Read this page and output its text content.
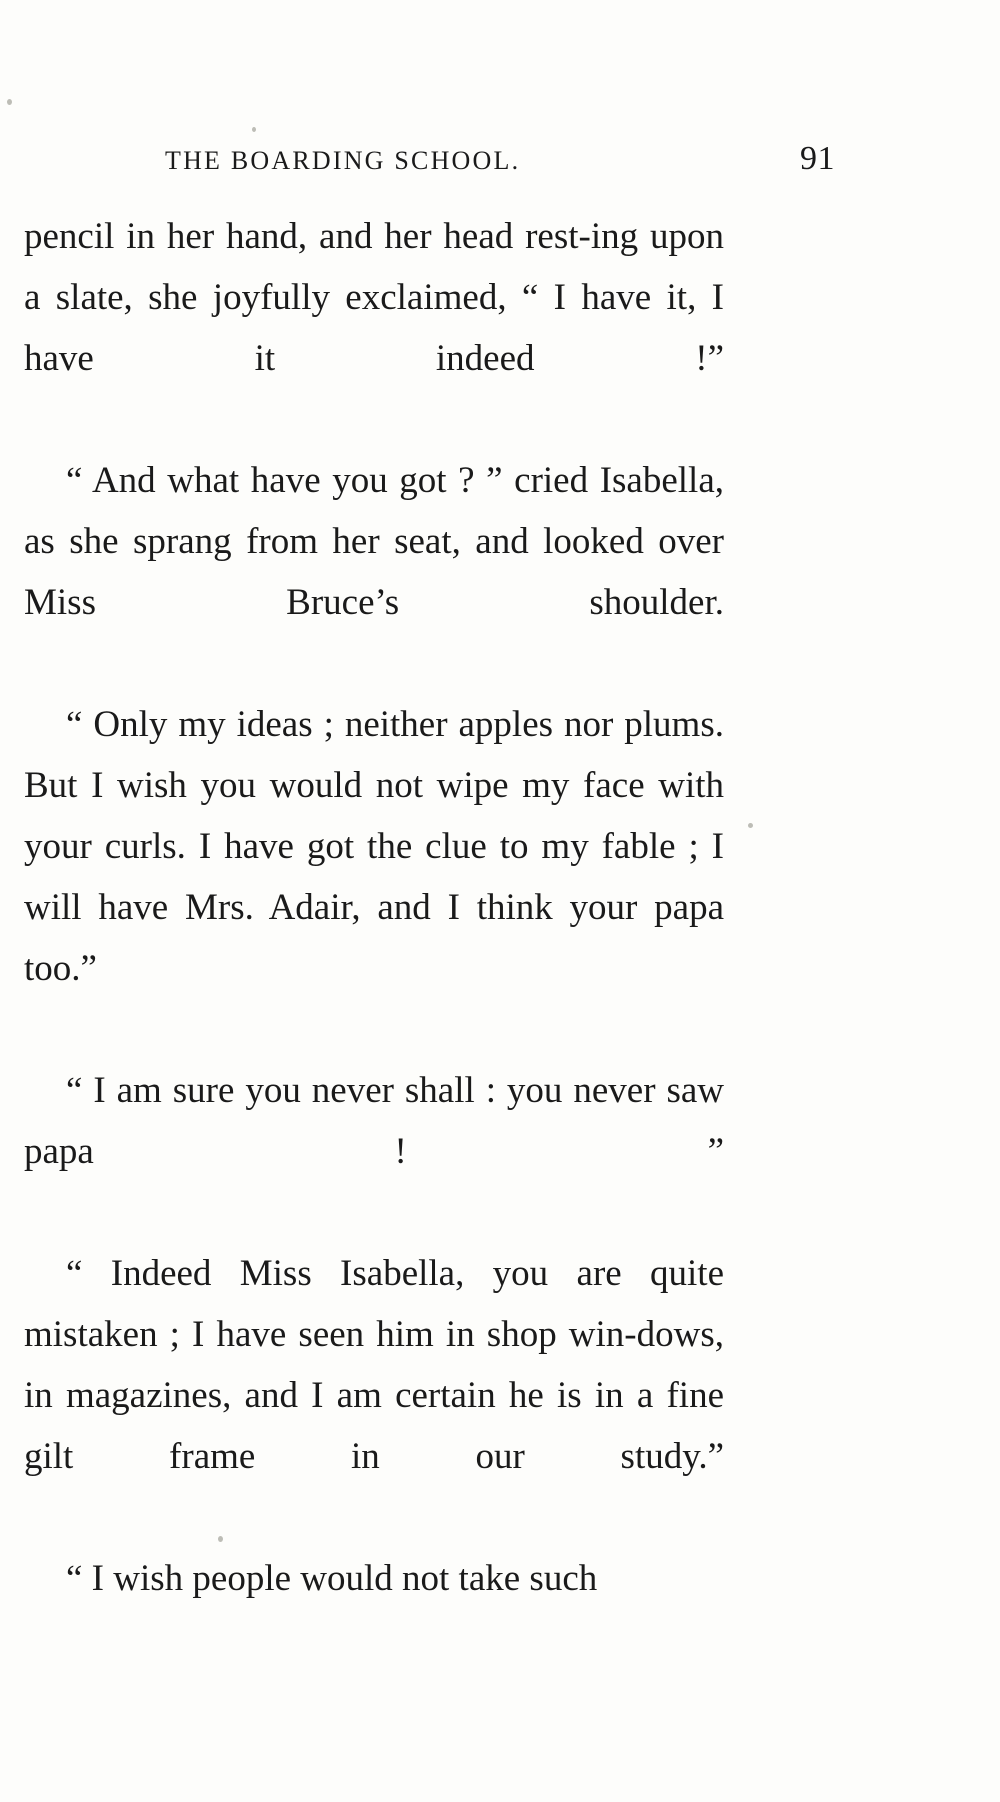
THE BOARDING SCHOOL.	91

pencil in her hand, and her head rest-ing upon a slate, she joyfully exclaimed, “ I have it, I have it indeed !”

“ And what have you got ? ” cried Isabella, as she sprang from her seat, and looked over Miss Bruce’s shoulder.

“ Only my ideas ; neither apples nor plums. But I wish you would not wipe my face with your curls. I have got the clue to my fable ; I will have Mrs. Adair, and I think your papa too.”

“ I am sure you never shall : you never saw papa ! ”

“ Indeed Miss Isabella, you are quite mistaken ; I have seen him in shop win-dows, in magazines, and I am certain he is in a fine gilt frame in our study.”

“ I wish people would not take such
